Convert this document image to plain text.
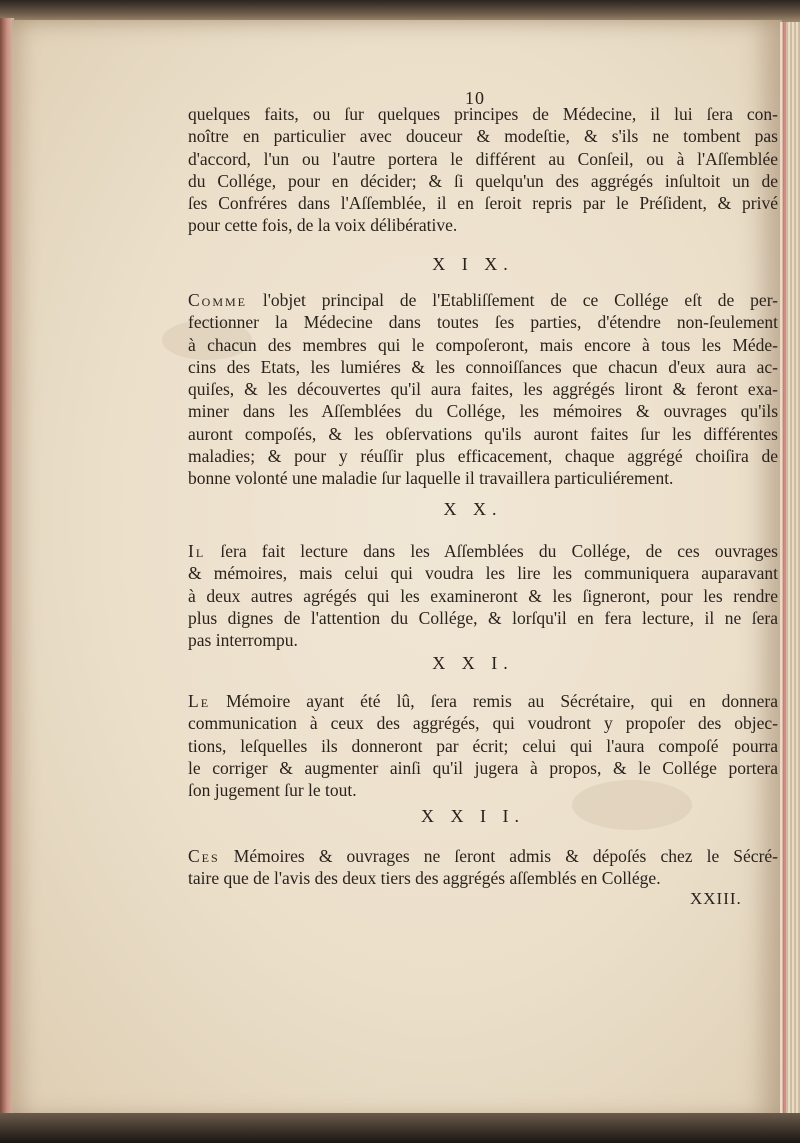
10
quelques faits, ou ſur quelques principes de Médecine, il lui ſera con-
noître en particulier avec douceur & modeſtie, & s'ils ne tombent pas
d'accord, l'un ou l'autre portera le différent au Conſeil, ou à l'Aſſemblée
du Collége, pour en décider; & ſi quelqu'un des aggrégés inſultoit un de
ſes Confréres dans l'Aſſemblée, il en ſeroit repris par le Préſident, & privé
pour cette fois, de la voix délibérative.
X I X.
Comme l'objet principal de l'Etabliſſement de ce Collége eſt de per-
fectionner la Médecine dans toutes ſes parties, d'étendre non-ſeulement
à chacun des membres qui le compoſeront, mais encore à tous les Méde-
cins des Etats, les lumiéres & les connoiſſances que chacun d'eux aura ac-
quiſes, & les découvertes qu'il aura faites, les aggrégés liront & feront exa-
miner dans les Aſſemblées du Collége, les mémoires & ouvrages qu'ils
auront compoſés, & les obſervations qu'ils auront faites ſur les différentes
maladies; & pour y réuſſir plus efficacement, chaque aggrégé choiſira de
bonne volonté une maladie ſur laquelle il travaillera particuliérement.
X X.
Il ſera fait lecture dans les Aſſemblées du Collége, de ces ouvrages
& mémoires, mais celui qui voudra les lire les communiquera auparavant
à deux autres agrégés qui les examineront & les ſigneront, pour les rendre
plus dignes de l'attention du Collége, & lorſqu'il en fera lecture, il ne ſera
pas interrompu.
X X I.
Le Mémoire ayant été lû, ſera remis au Sécrétaire, qui en donnera
communication à ceux des aggrégés, qui voudront y propoſer des objec-
tions, leſquelles ils donneront par écrit; celui qui l'aura compoſé pourra
le corriger & augmenter ainſi qu'il jugera à propos, & le Collége portera
ſon jugement ſur le tout.
X X I I.
Ces Mémoires & ouvrages ne ſeront admis & dépoſés chez le Sécré-
taire que de l'avis des deux tiers des aggrégés aſſemblés en Collége.
XXIII.
